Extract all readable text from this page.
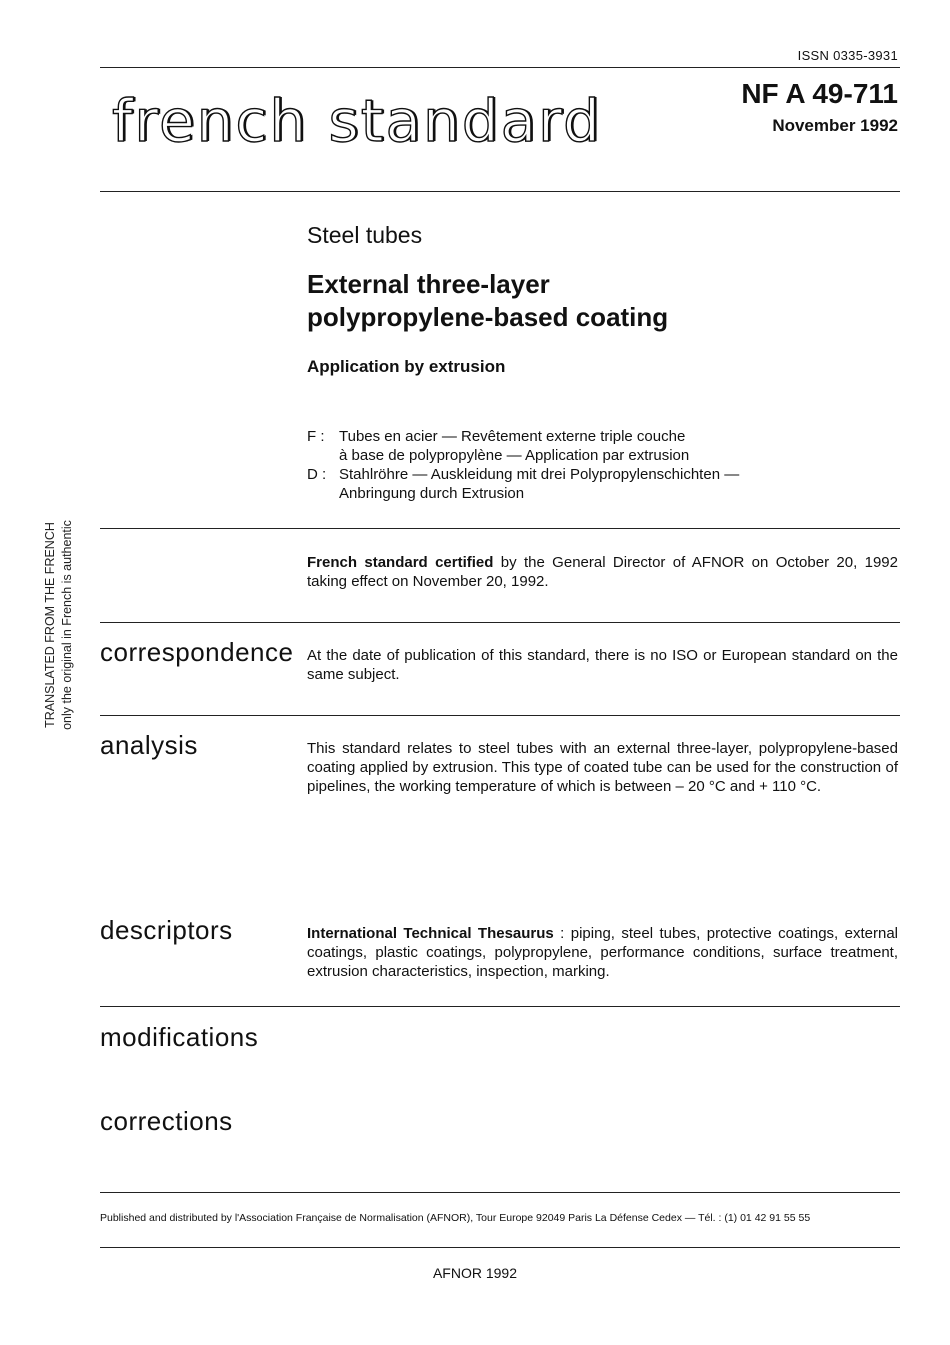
ISSN 0335-3931
french standard	NF A 49-711
November 1992
Steel tubes
External three-layer
polypropylene-based coating
Application by extrusion
F : Tubes en acier — Revêtement externe triple couche
à base de polypropylène — Application par extrusion
D : Stahlröhre — Auskleidung mit drei Polypropylenschichten —
Anbringung durch Extrusion
French standard certified by the General Director of AFNOR on October 20, 1992 taking effect on November 20, 1992.
TRANSLATED FROM THE FRENCH only the original in French is authentic correspondence At the date of publication of this standard, there is no ISO or European standard on the same subject.
analysis	This standard relates to steel tubes with an external three-layer, polypropylene-based coating applied by extrusion. This type of coated tube can be used for the construction of pipelines, the working temperature of which is between – 20 °C and + 110 °C.
descriptors	International Technical Thesaurus : piping, steel tubes, protective coatings, external coatings, plastic coatings, polypropylene, performance conditions, surface treatment, extrusion characteristics, inspection, marking.
modifications
corrections
Published and distributed by l'Association Française de Normalisation (AFNOR), Tour Europe 92049 Paris La Défense Cedex — Tél. : (1) 01 42 91 55 55
AFNOR 1992
